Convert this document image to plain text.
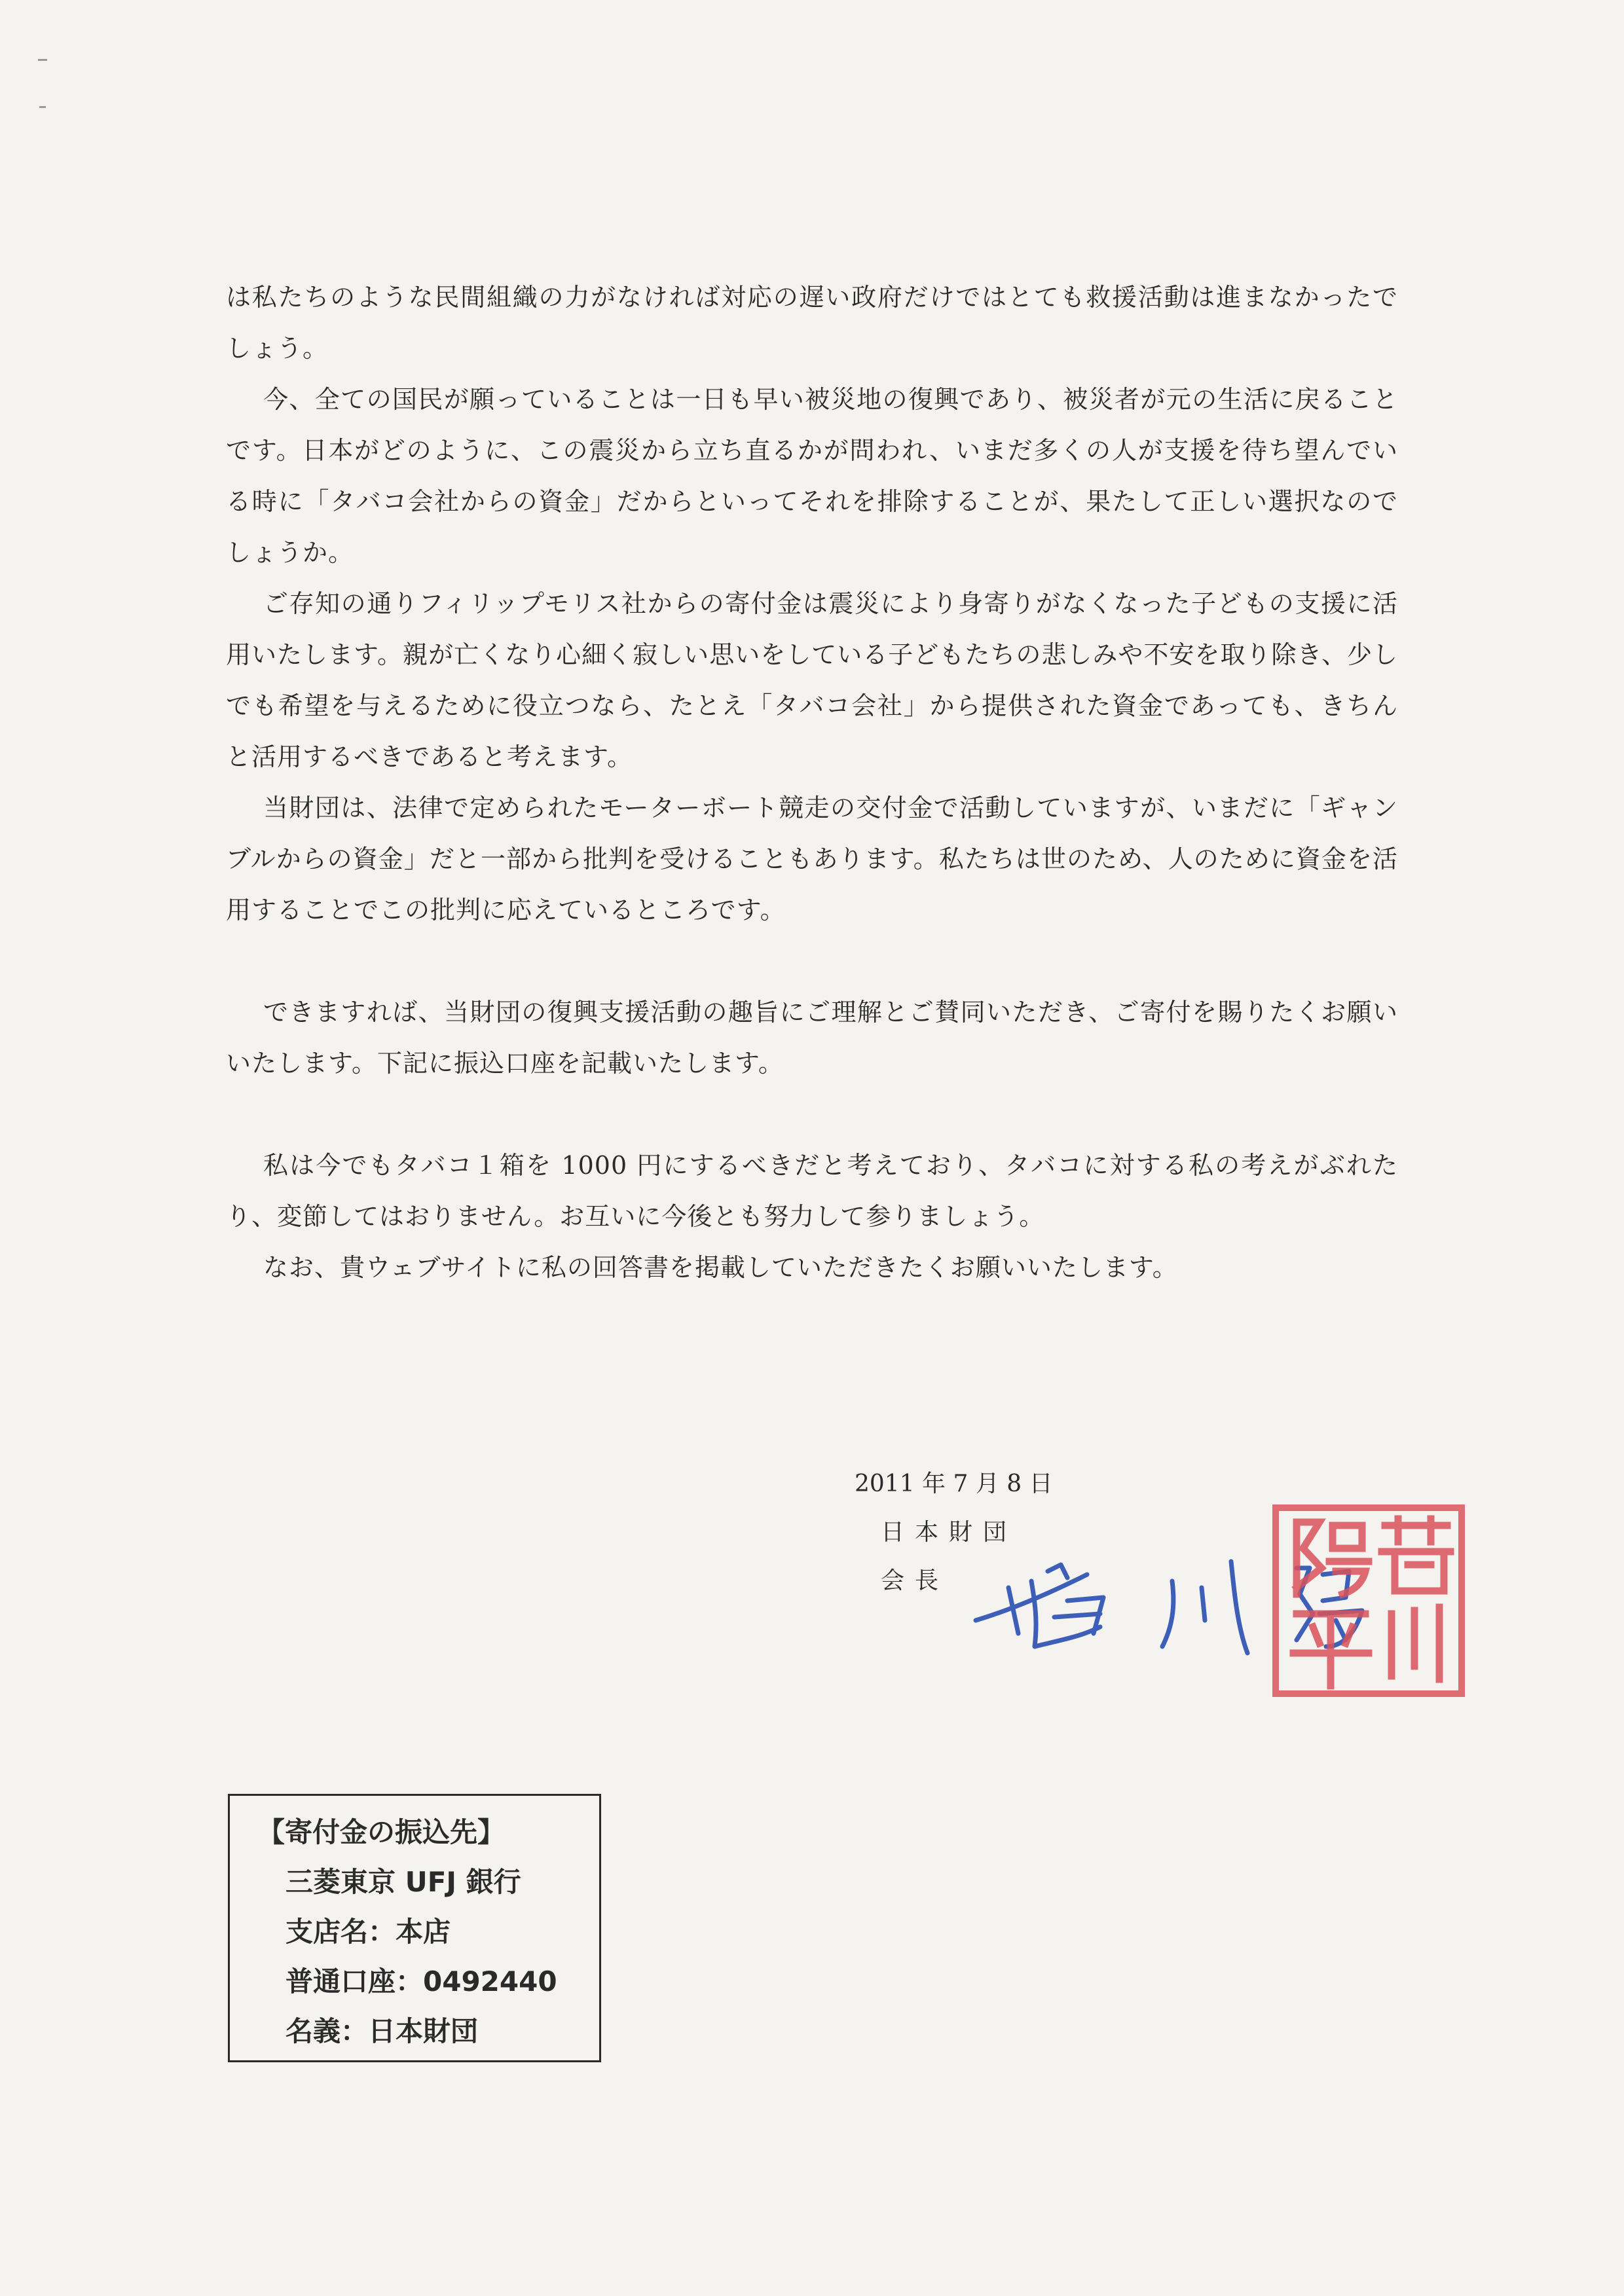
は私たちのような民間組織の力がなければ対応の遅い政府だけではとても救援活動は進まなかったでしょう。

今、全ての国民が願っていることは一日も早い被災地の復興であり、被災者が元の生活に戻ることです。日本がどのように、この震災から立ち直るかが問われ、いまだ多くの人が支援を待ち望んでいる時に「タバコ会社からの資金」だからといってそれを排除することが、果たして正しい選択なのでしょうか。

ご存知の通りフィリップモリス社からの寄付金は震災により身寄りがなくなった子どもの支援に活用いたします。親が亡くなり心細く寂しい思いをしている子どもたちの悲しみや不安を取り除き、少しでも希望を与えるために役立つなら、たとえ「タバコ会社」から提供された資金であっても、きちんと活用するべきであると考えます。

当財団は、法律で定められたモーターボート競走の交付金で活動していますが、いまだに「ギャンブルからの資金」だと一部から批判を受けることもあります。私たちは世のため、人のために資金を活用することでこの批判に応えているところです。

できますれば、当財団の復興支援活動の趣旨にご理解とご賛同いただき、ご寄付を賜りたくお願いいたします。下記に振込口座を記載いたします。

私は今でもタバコ１箱を 1000 円にするべきだと考えており、タバコに対する私の考えがぶれたり、変節してはおりません。お互いに今後とも努力して参りましょう。

なお、貴ウェブサイトに私の回答書を掲載していただきたくお願いいたします。

2011 年 7 月 8 日
日本財団
会長
【寄付金の振込先】
三菱東京 UFJ 銀行
支店名：本店
普通口座：0492440
名義：日本財団
